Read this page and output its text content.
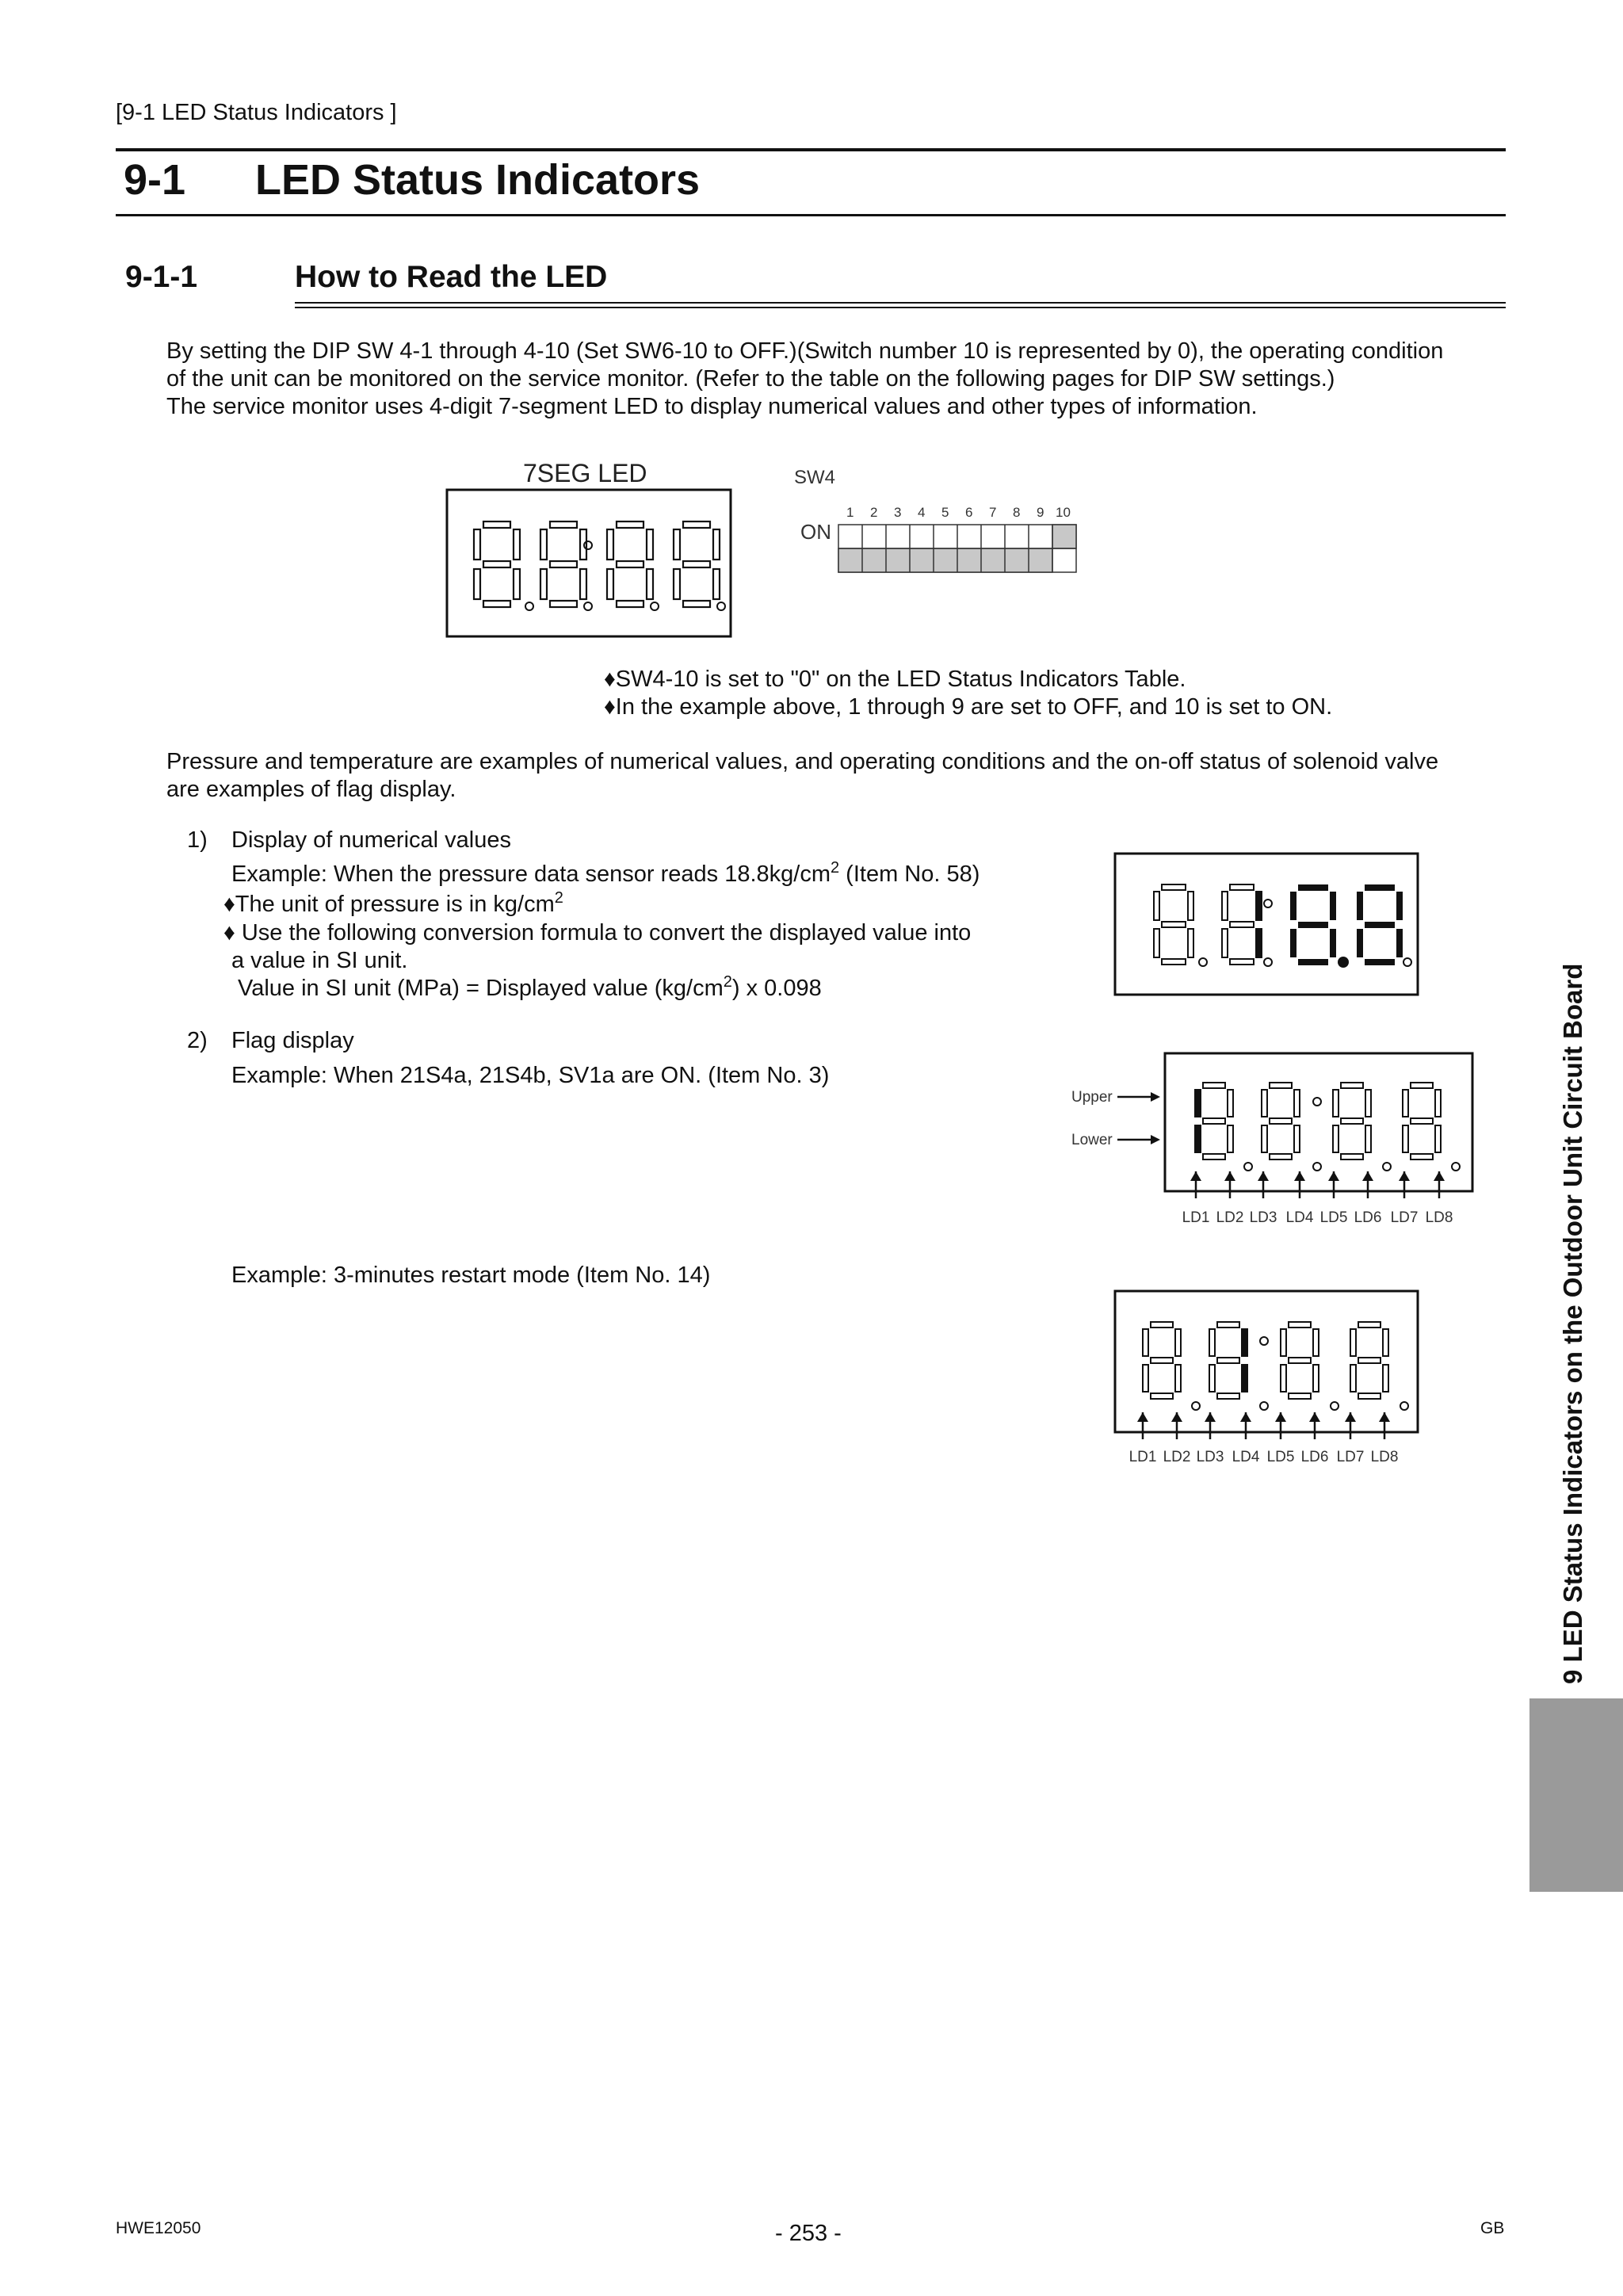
[9-1 LED Status Indicators ]
9-1 LED Status Indicators
9-1-1	How to Read the LED
By setting the DIP SW 4-1 through 4-10 (Set SW6-10 to OFF.)(Switch number 10 is represented by 0), the operating condition
of the unit can be monitored on the service monitor. (Refer to the table on the following pages for DIP SW settings.)
The service monitor uses 4-digit 7-segment LED to display numerical values and other types of information.
7SEG LED	SW4
ON
1 2 3 4 5 6 7 8 9 10
♦SW4-10 is set to "0" on the LED Status Indicators Table.
♦In the example above, 1 through 9 are set to OFF, and 10 is set to ON.
Pressure and temperature are examples of numerical values, and operating conditions and the on-off status of solenoid valve
are examples of flag display.
1) Display of numerical values
Example: When the pressure data sensor reads $18.8kg/cm^2$ (Item No. 58)
♦The unit of pressure is in $kg/cm^2$
♦ Use the following conversion formula to convert the displayed value into
a value in SI unit.
Value in SI unit (MPa) = Displayed value $(kg/cm^2)$ x 0.098
2) Flag display
Example: When 21S4a, 21S4b, SV1a are ON. (Item No. 3)
Upper
Lower
LD1 LD2 LD3 LD4 LD5 LD6 LD7 LD8
Example: 3-minutes restart mode (Item No. 14)
LD1 LD2 LD3 LD4 LD5 LD6 LD7 LD8	9 LED Status Indicators on the Outdoor Unit Circuit Board
HWE12050	- 253 -	GB
